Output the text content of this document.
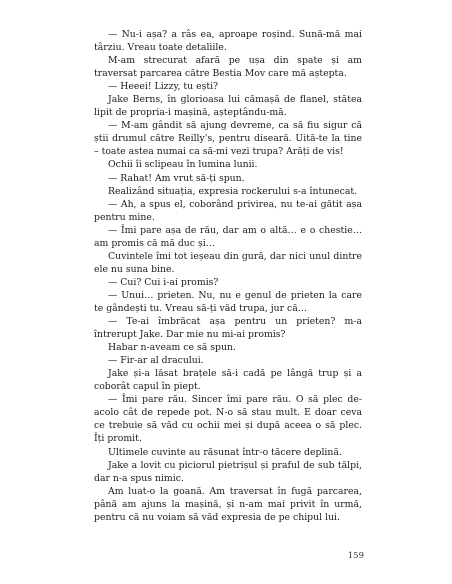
— Nu-i așa? a râs ea, aproape roșind. Sună-mă mai târziu. Vreau toate detaliile.

M-am strecurat afară pe ușa din spate și am traversat parcarea către Bestia Mov care mă aștepta.

— Heeei! Lizzy, tu ești?

Jake Berns, în glorioasa lui cămașă de flanel, stătea lipit de propria-i mașină, așteptându-mă.

— M-am gândit să ajung devreme, ca să fiu sigur că știi drumul către Reilly's, pentru diseară. Uită-te la tine – toate astea numai ca să-mi vezi trupa? Arăți de vis!

Ochii îi sclipeau în lumina lunii.

— Rahat! Am vrut să-ți spun.

Realizând situația, expresia rockerului s-a întunecat.

— Ah, a spus el, coborând privirea, nu te-ai gătit așa pentru mine.

— Îmi pare așa de rău, dar am o altă… e o chestie… am promis că mă duc și…

Cuvintele îmi tot ieșeau din gură, dar nici unul dintre ele nu suna bine.

— Cui? Cui i-ai promis?

— Unui… prieten. Nu, nu e genul de prieten la care te gândești tu. Vreau să-ți văd trupa, jur că…

— Te-ai îmbrăcat așa pentru un prieten? m-a întrerupt Jake. Dar mie nu mi-ai promis?

Habar n-aveam ce să spun.

— Fir-ar al dracului.

Jake și-a lăsat brațele să-i cadă pe lângă trup și a coborât capul în piept.

— Îmi pare rău. Sincer îmi pare rău. O să plec de-acolo cât de repede pot. N-o să stau mult. E doar ceva ce trebuie să văd cu ochii mei și după aceea o să plec. Îți promit.

Ultimele cuvinte au răsunat într-o tăcere deplină.

Jake a lovit cu piciorul pietrișul și praful de sub tălpi, dar n-a spus nimic.

Am luat-o la goană. Am traversat în fugă parcarea, până am ajuns la mașină, și n-am mai privit în urmă, pentru că nu voiam să văd expresia de pe chipul lui.

159
